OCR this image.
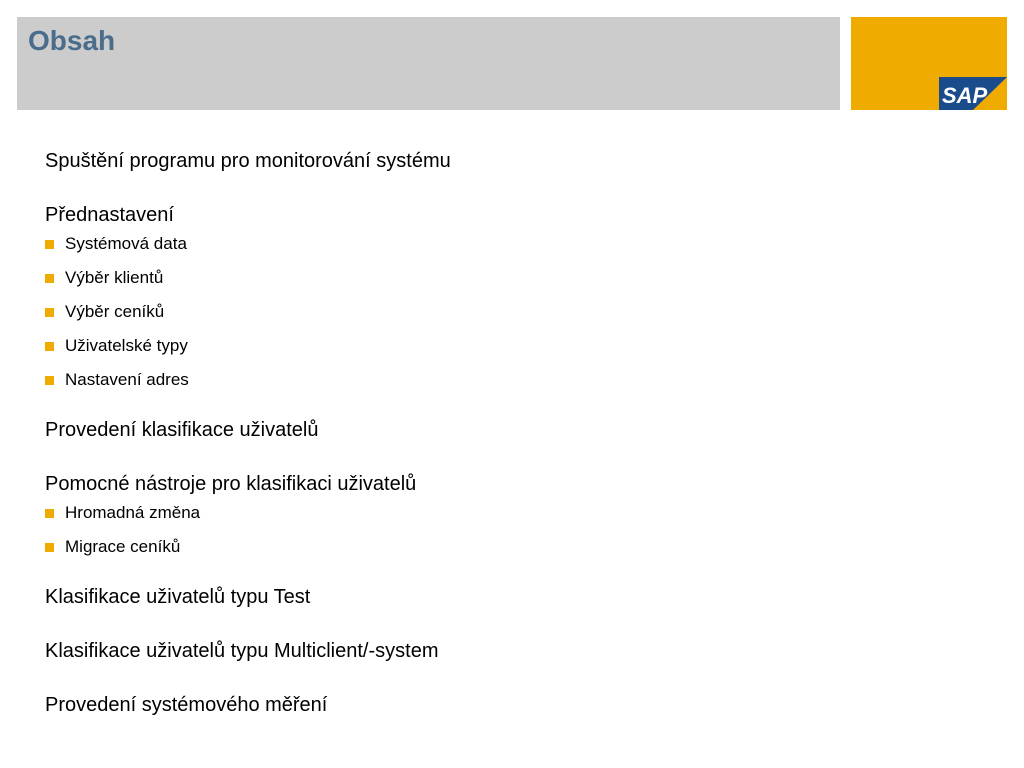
Obsah
SAP
Spuštění programu pro monitorování systému
Přednastavení
Systémová data
Výběr klientů
Výběr ceníků
Uživatelské typy
Nastavení adres
Provedení klasifikace uživatelů
Pomocné nástroje pro klasifikaci uživatelů
Hromadná změna
Migrace ceníků
Klasifikace uživatelů typu Test
Klasifikace uživatelů typu Multiclient/-system
Provedení systémového měření
